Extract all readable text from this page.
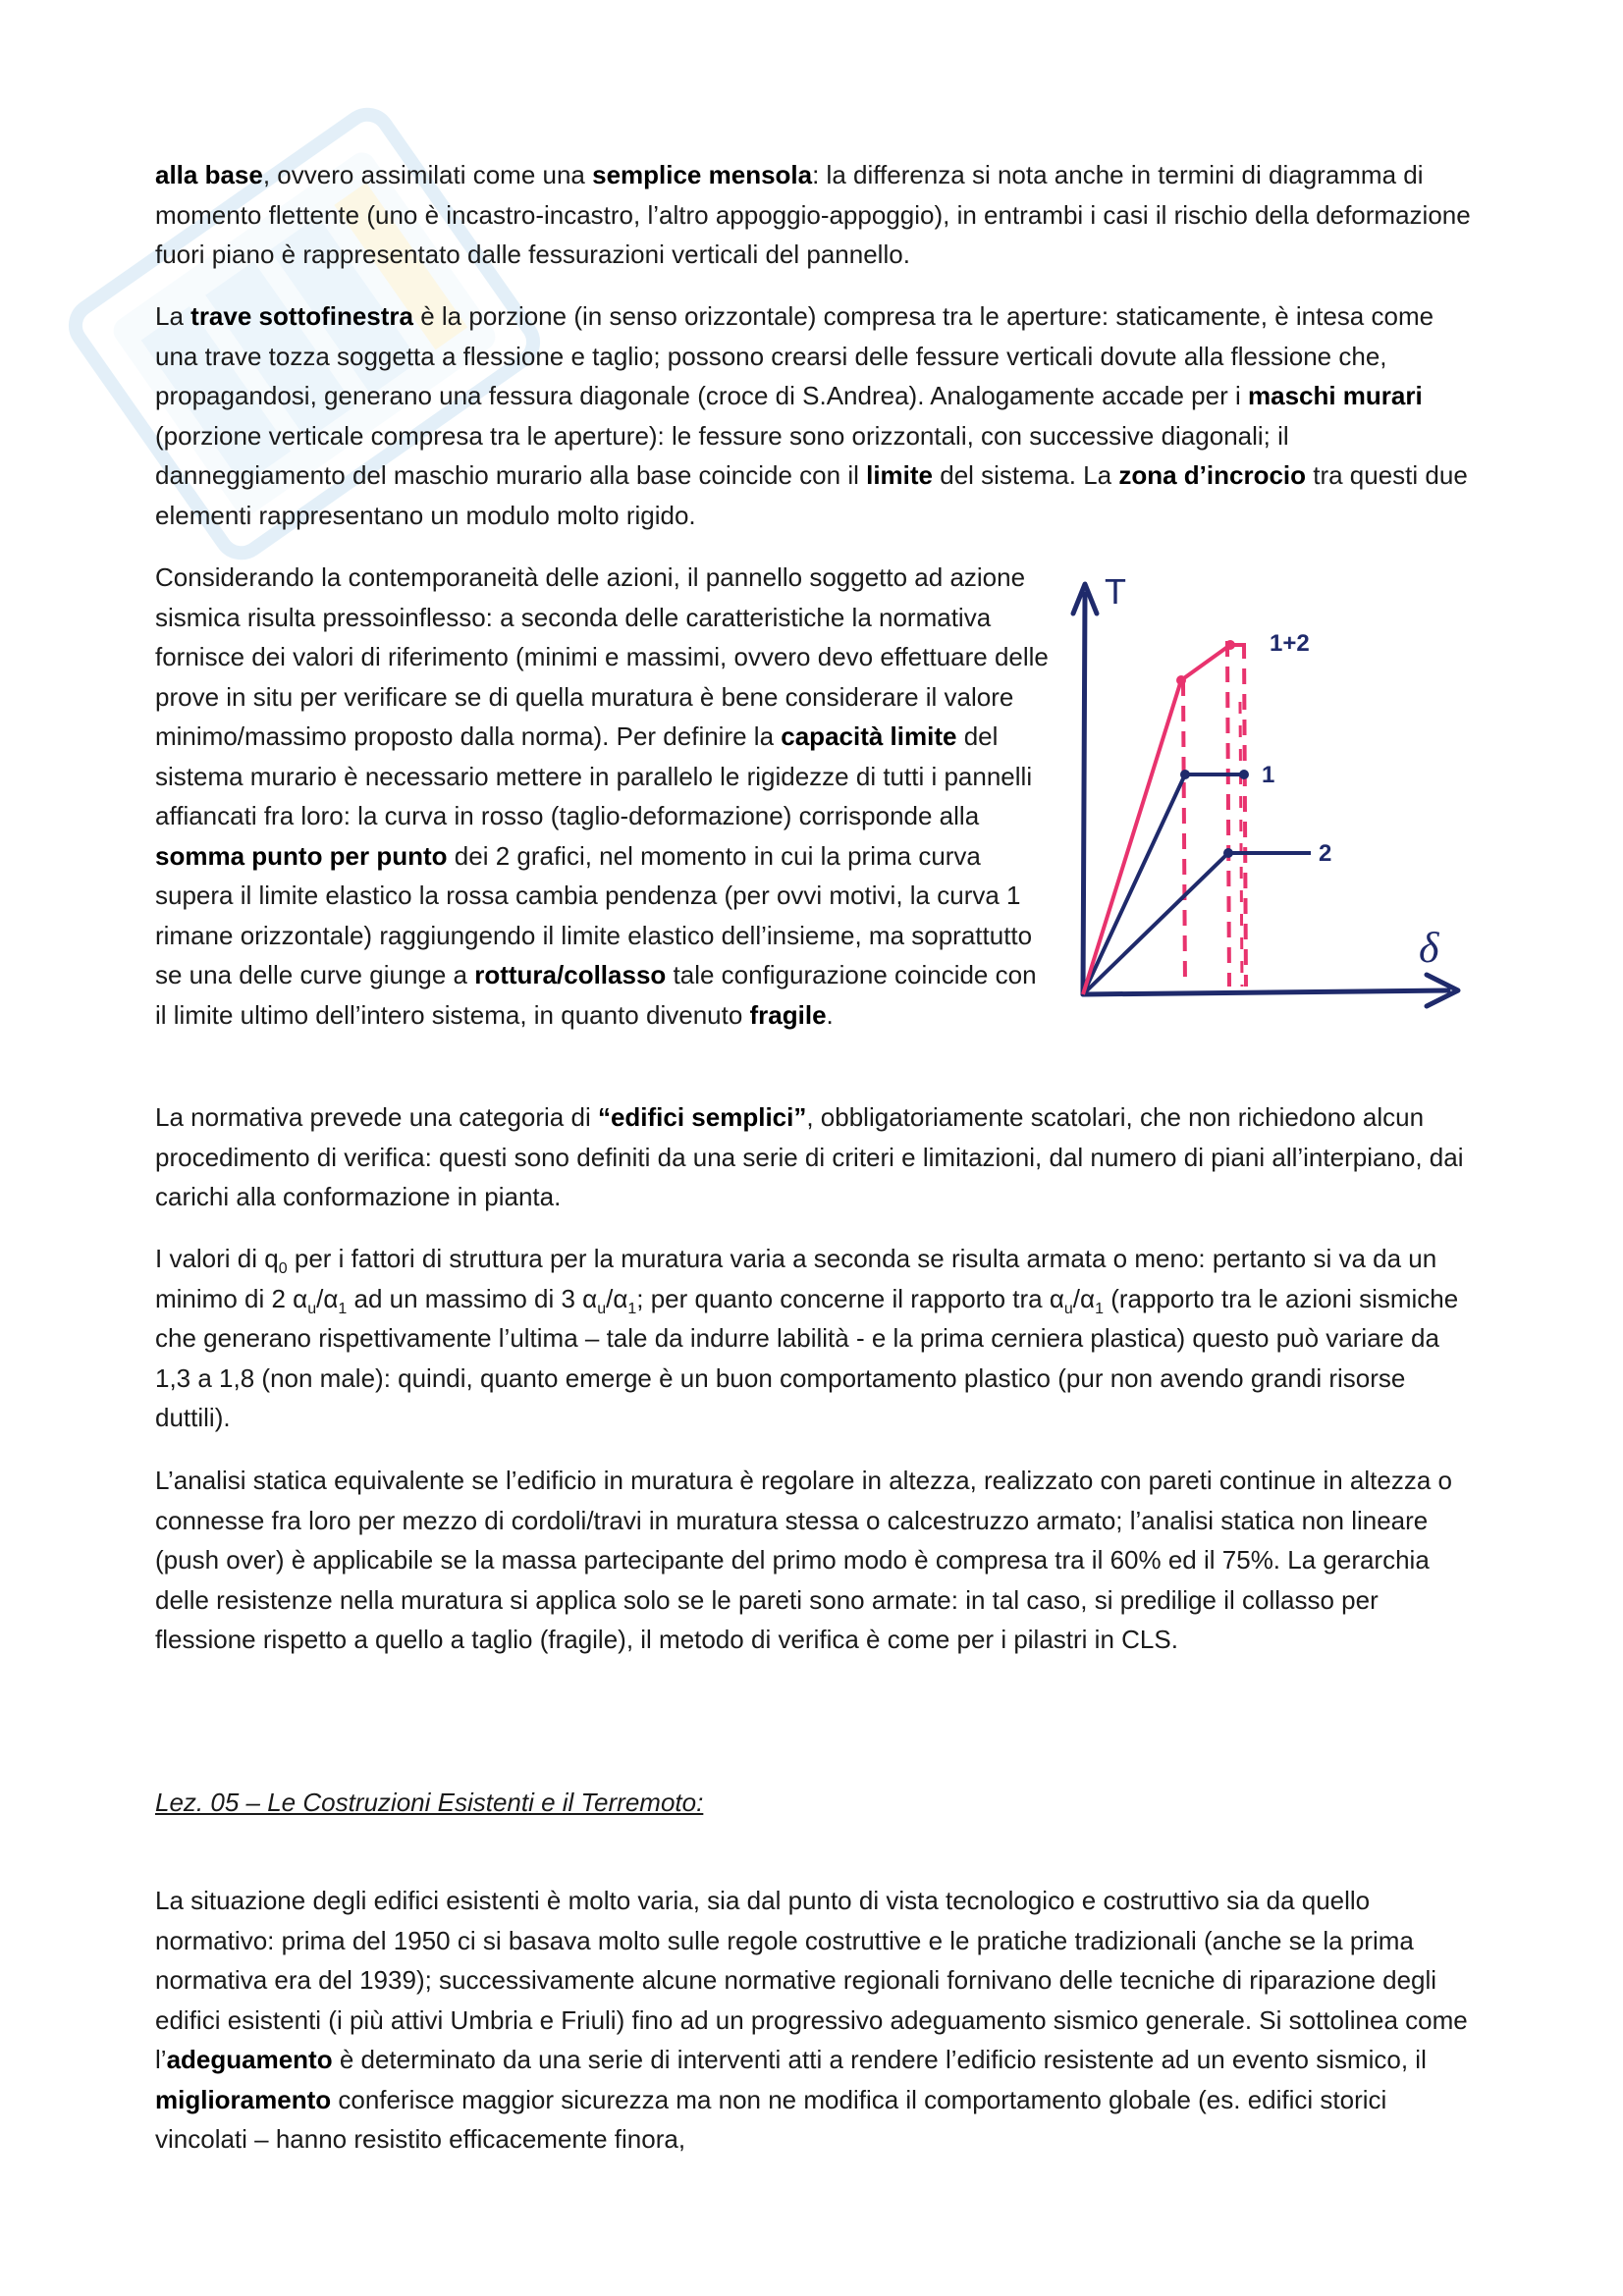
alla base, ovvero assimilati come una semplice mensola: la differenza si nota anche in termini di diagramma di momento flettente (uno è incastro-incastro, l’altro appoggio-appoggio), in entrambi i casi il rischio della deformazione fuori piano è rappresentato dalle fessurazioni verticali del pannello.

La trave sottofinestra è la porzione (in senso orizzontale) compresa tra le aperture: staticamente, è intesa come una trave tozza soggetta a flessione e taglio; possono crearsi delle fessure verticali dovute alla flessione che, propagandosi, generano una fessura diagonale (croce di S.Andrea). Analogamente accade per i maschi murari (porzione verticale compresa tra le aperture): le fessure sono orizzontali, con successive diagonali; il danneggiamento del maschio murario alla base coincide con il limite del sistema. La zona d’incrocio tra questi due elementi rappresentano un modulo molto rigido.

Considerando la contemporaneità delle azioni, il pannello soggetto ad azione sismica risulta pressoinflesso: a seconda delle caratteristiche la normativa fornisce dei valori di riferimento (minimi e massimi, ovvero devo effettuare delle prove in situ per verificare se di quella muratura è bene considerare il valore minimo/massimo proposto dalla norma). Per definire la capacità limite del sistema murario è necessario mettere in parallelo le rigidezze di tutti i pannelli affiancati fra loro: la curva in rosso (taglio-deformazione) corrisponde alla somma punto per punto dei 2 grafici, nel momento in cui la prima curva supera il limite elastico la rossa cambia pendenza (per ovvi motivi, la curva 1 rimane orizzontale) raggiungendo il limite elastico dell’insieme, ma soprattutto se una delle curve giunge a rottura/collasso tale configurazione coincide con il limite ultimo dell’intero sistema, in quanto divenuto fragile.

T
δ
1+2
1
2

La normativa prevede una categoria di “edifici semplici”, obbligatoriamente scatolari, che non richiedono alcun procedimento di verifica: questi sono definiti da una serie di criteri e limitazioni, dal numero di piani all’interpiano, dai carichi alla conformazione in pianta.

I valori di $q_0$ per i fattori di struttura per la muratura varia a seconda se risulta armata o meno: pertanto si va da un minimo di 2 $\alpha_u/\alpha_1$ ad un massimo di 3 $\alpha_u/\alpha_1$; per quanto concerne il rapporto tra $\alpha_u/\alpha_1$ (rapporto tra le azioni sismiche che generano rispettivamente l’ultima – tale da indurre labilità - e la prima cerniera plastica) questo può variare da 1,3 a 1,8 (non male): quindi, quanto emerge è un buon comportamento plastico (pur non avendo grandi risorse duttili).

L’analisi statica equivalente se l’edificio in muratura è regolare in altezza, realizzato con pareti continue in altezza o connesse fra loro per mezzo di cordoli/travi in muratura stessa o calcestruzzo armato; l’analisi statica non lineare (push over) è applicabile se la massa partecipante del primo modo è compresa tra il 60% ed il 75%. La gerarchia delle resistenze nella muratura si applica solo se le pareti sono armate: in tal caso, si predilige il collasso per flessione rispetto a quello a taglio (fragile), il metodo di verifica è come per i pilastri in CLS.

Lez. 05 – Le Costruzioni Esistenti e il Terremoto:

La situazione degli edifici esistenti è molto varia, sia dal punto di vista tecnologico e costruttivo sia da quello normativo: prima del 1950 ci si basava molto sulle regole costruttive e le pratiche tradizionali (anche se la prima normativa era del 1939); successivamente alcune normative regionali fornivano delle tecniche di riparazione degli edifici esistenti (i più attivi Umbria e Friuli) fino ad un progressivo adeguamento sismico generale. Si sottolinea come l’adeguamento è determinato da una serie di interventi atti a rendere l’edificio resistente ad un evento sismico, il miglioramento conferisce maggior sicurezza ma non ne modifica il comportamento globale (es. edifici storici vincolati – hanno resistito efficacemente finora,
